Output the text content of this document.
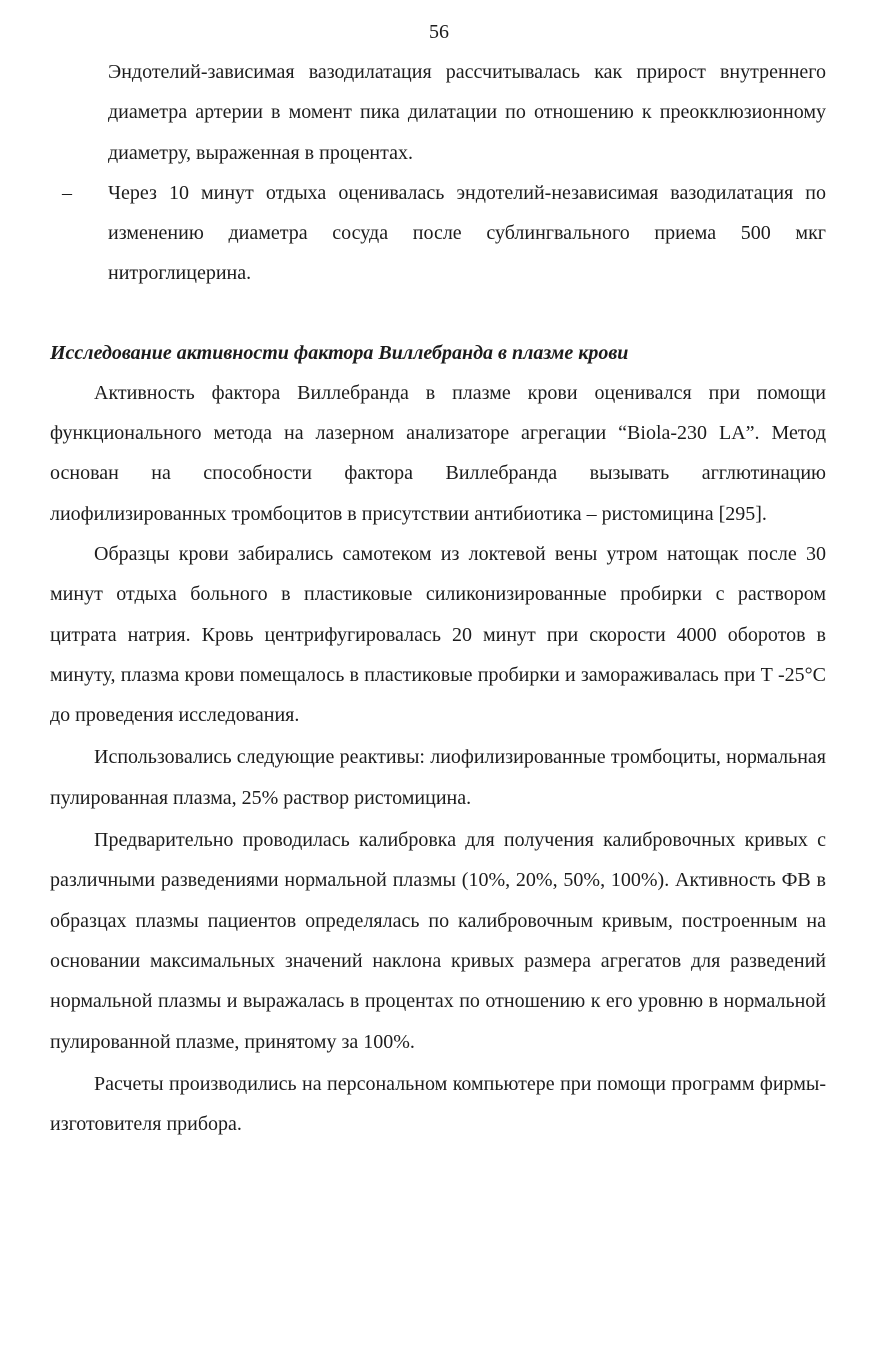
56
Эндотелий-зависимая вазодилатация рассчитывалась как прирост внутреннего диаметра артерии в момент пика дилатации по отношению к преокклюзионному диаметру, выраженная в процентах.
– Через 10 минут отдыха оценивалась эндотелий-независимая вазодилатация по изменению диаметра сосуда после сублингвального приема 500 мкг нитроглицерина.
Исследование активности фактора Виллебранда в плазме крови

Активность фактора Виллебранда в плазме крови оценивался при помощи функционального метода на лазерном анализаторе агрегации “Biola-230 LA”. Метод основан на способности фактора Виллебранда вызывать агглютинацию лиофилизированных тромбоцитов в присутствии антибиотика – ристомицина [295].

Образцы крови забирались самотеком из локтевой вены утром натощак после 30 минут отдыха больного в пластиковые силиконизированные пробирки с раствором цитрата натрия. Кровь центрифугировалась 20 минут при скорости 4000 оборотов в минуту, плазма крови помещалось в пластиковые пробирки и замораживалась при Т -25°С до проведения исследования.

Использовались следующие реактивы: лиофилизированные тромбоциты, нормальная пулированная плазма, 25% раствор ристомицина.

Предварительно проводилась калибровка для получения калибровочных кривых с различными разведениями нормальной плазмы (10%, 20%, 50%, 100%). Активность ФВ в образцах плазмы пациентов определялась по калибровочным кривым, построенным на основании максимальных значений наклона кривых размера агрегатов для разведений нормальной плазмы и выражалась в процентах по отношению к его уровню в нормальной пулированной плазме, принятому за 100%.

Расчеты производились на персональном компьютере при помощи программ фирмы-изготовителя прибора.
